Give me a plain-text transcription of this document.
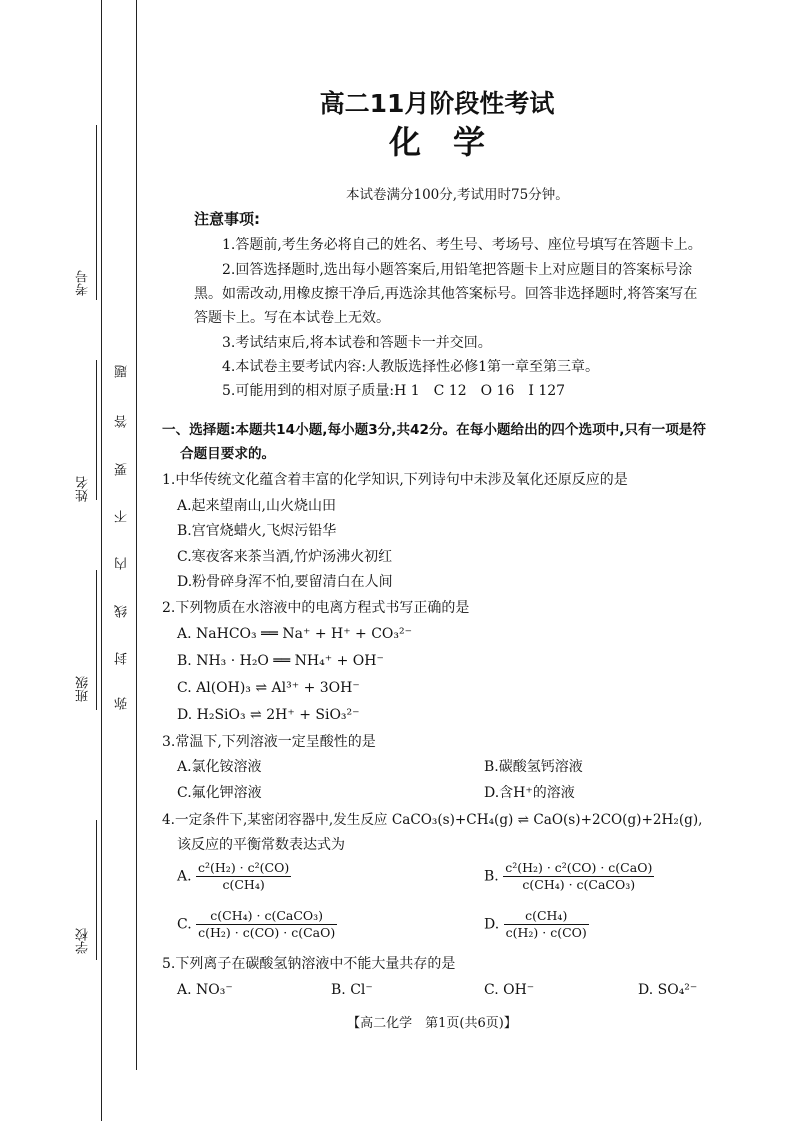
学校
班级
姓名
考号
弥
封
线
内
不
要
答
题
高二11月阶段性考试
化　学
本试卷满分100分,考试用时75分钟。
注意事项:
1.答题前,考生务必将自己的姓名、考生号、考场号、座位号填写在答题卡上。
2.回答选择题时,选出每小题答案后,用铅笔把答题卡上对应题目的答案标号涂
黑。如需改动,用橡皮擦干净后,再选涂其他答案标号。回答非选择题时,将答案写在
答题卡上。写在本试卷上无效。
3.考试结束后,将本试卷和答题卡一并交回。
4.本试卷主要考试内容:人教版选择性必修1第一章至第三章。
5.可能用到的相对原子质量:H 1　C 12　O 16　I 127
一、选择题:本题共14小题,每小题3分,共42分。在每小题给出的四个选项中,只有一项是符
合题目要求的。
1.中华传统文化蕴含着丰富的化学知识,下列诗句中未涉及氧化还原反应的是
A.起来望南山,山火烧山田
B.宫官烧蜡火,飞烬污铅华
C.寒夜客来茶当酒,竹炉汤沸火初红
D.粉骨碎身浑不怕,要留清白在人间
2.下列物质在水溶液中的电离方程式书写正确的是
A. NaHCO₃ ══ Na⁺ + H⁺ + CO₃²⁻
B. NH₃ · H₂O ══ NH₄⁺ + OH⁻
C. Al(OH)₃ ⇌ Al³⁺ + 3OH⁻
D. H₂SiO₃ ⇌ 2H⁺ + SiO₃²⁻
3.常温下,下列溶液一定呈酸性的是
A.氯化铵溶液	B.碳酸氢钙溶液
C.氟化钾溶液	D.含H⁺的溶液
4.一定条件下,某密闭容器中,发生反应 CaCO₃(s)+CH₄(g) ⇌ CaO(s)+2CO(g)+2H₂(g),
该反应的平衡常数表达式为
A. $\frac{\text{c²(H₂) · c²(CO)}}{\text{c(CH₄)}}$	B. $\frac{\text{c²(H₂) · c²(CO) · c(CaO)}}{\text{c(CH₄) · c(CaCO₃)}}$
C. $\frac{\text{c(CH₄) · c(CaCO₃)}}{\text{c(H₂) · c(CO) · c(CaO)}}$	D. $\frac{\text{c(CH₄)}}{\text{c(H₂) · c(CO)}}$
5.下列离子在碳酸氢钠溶液中不能大量共存的是
A. NO₃⁻	B. Cl⁻	C. OH⁻	D. SO₄²⁻
【高二化学　第1页(共6页)】
